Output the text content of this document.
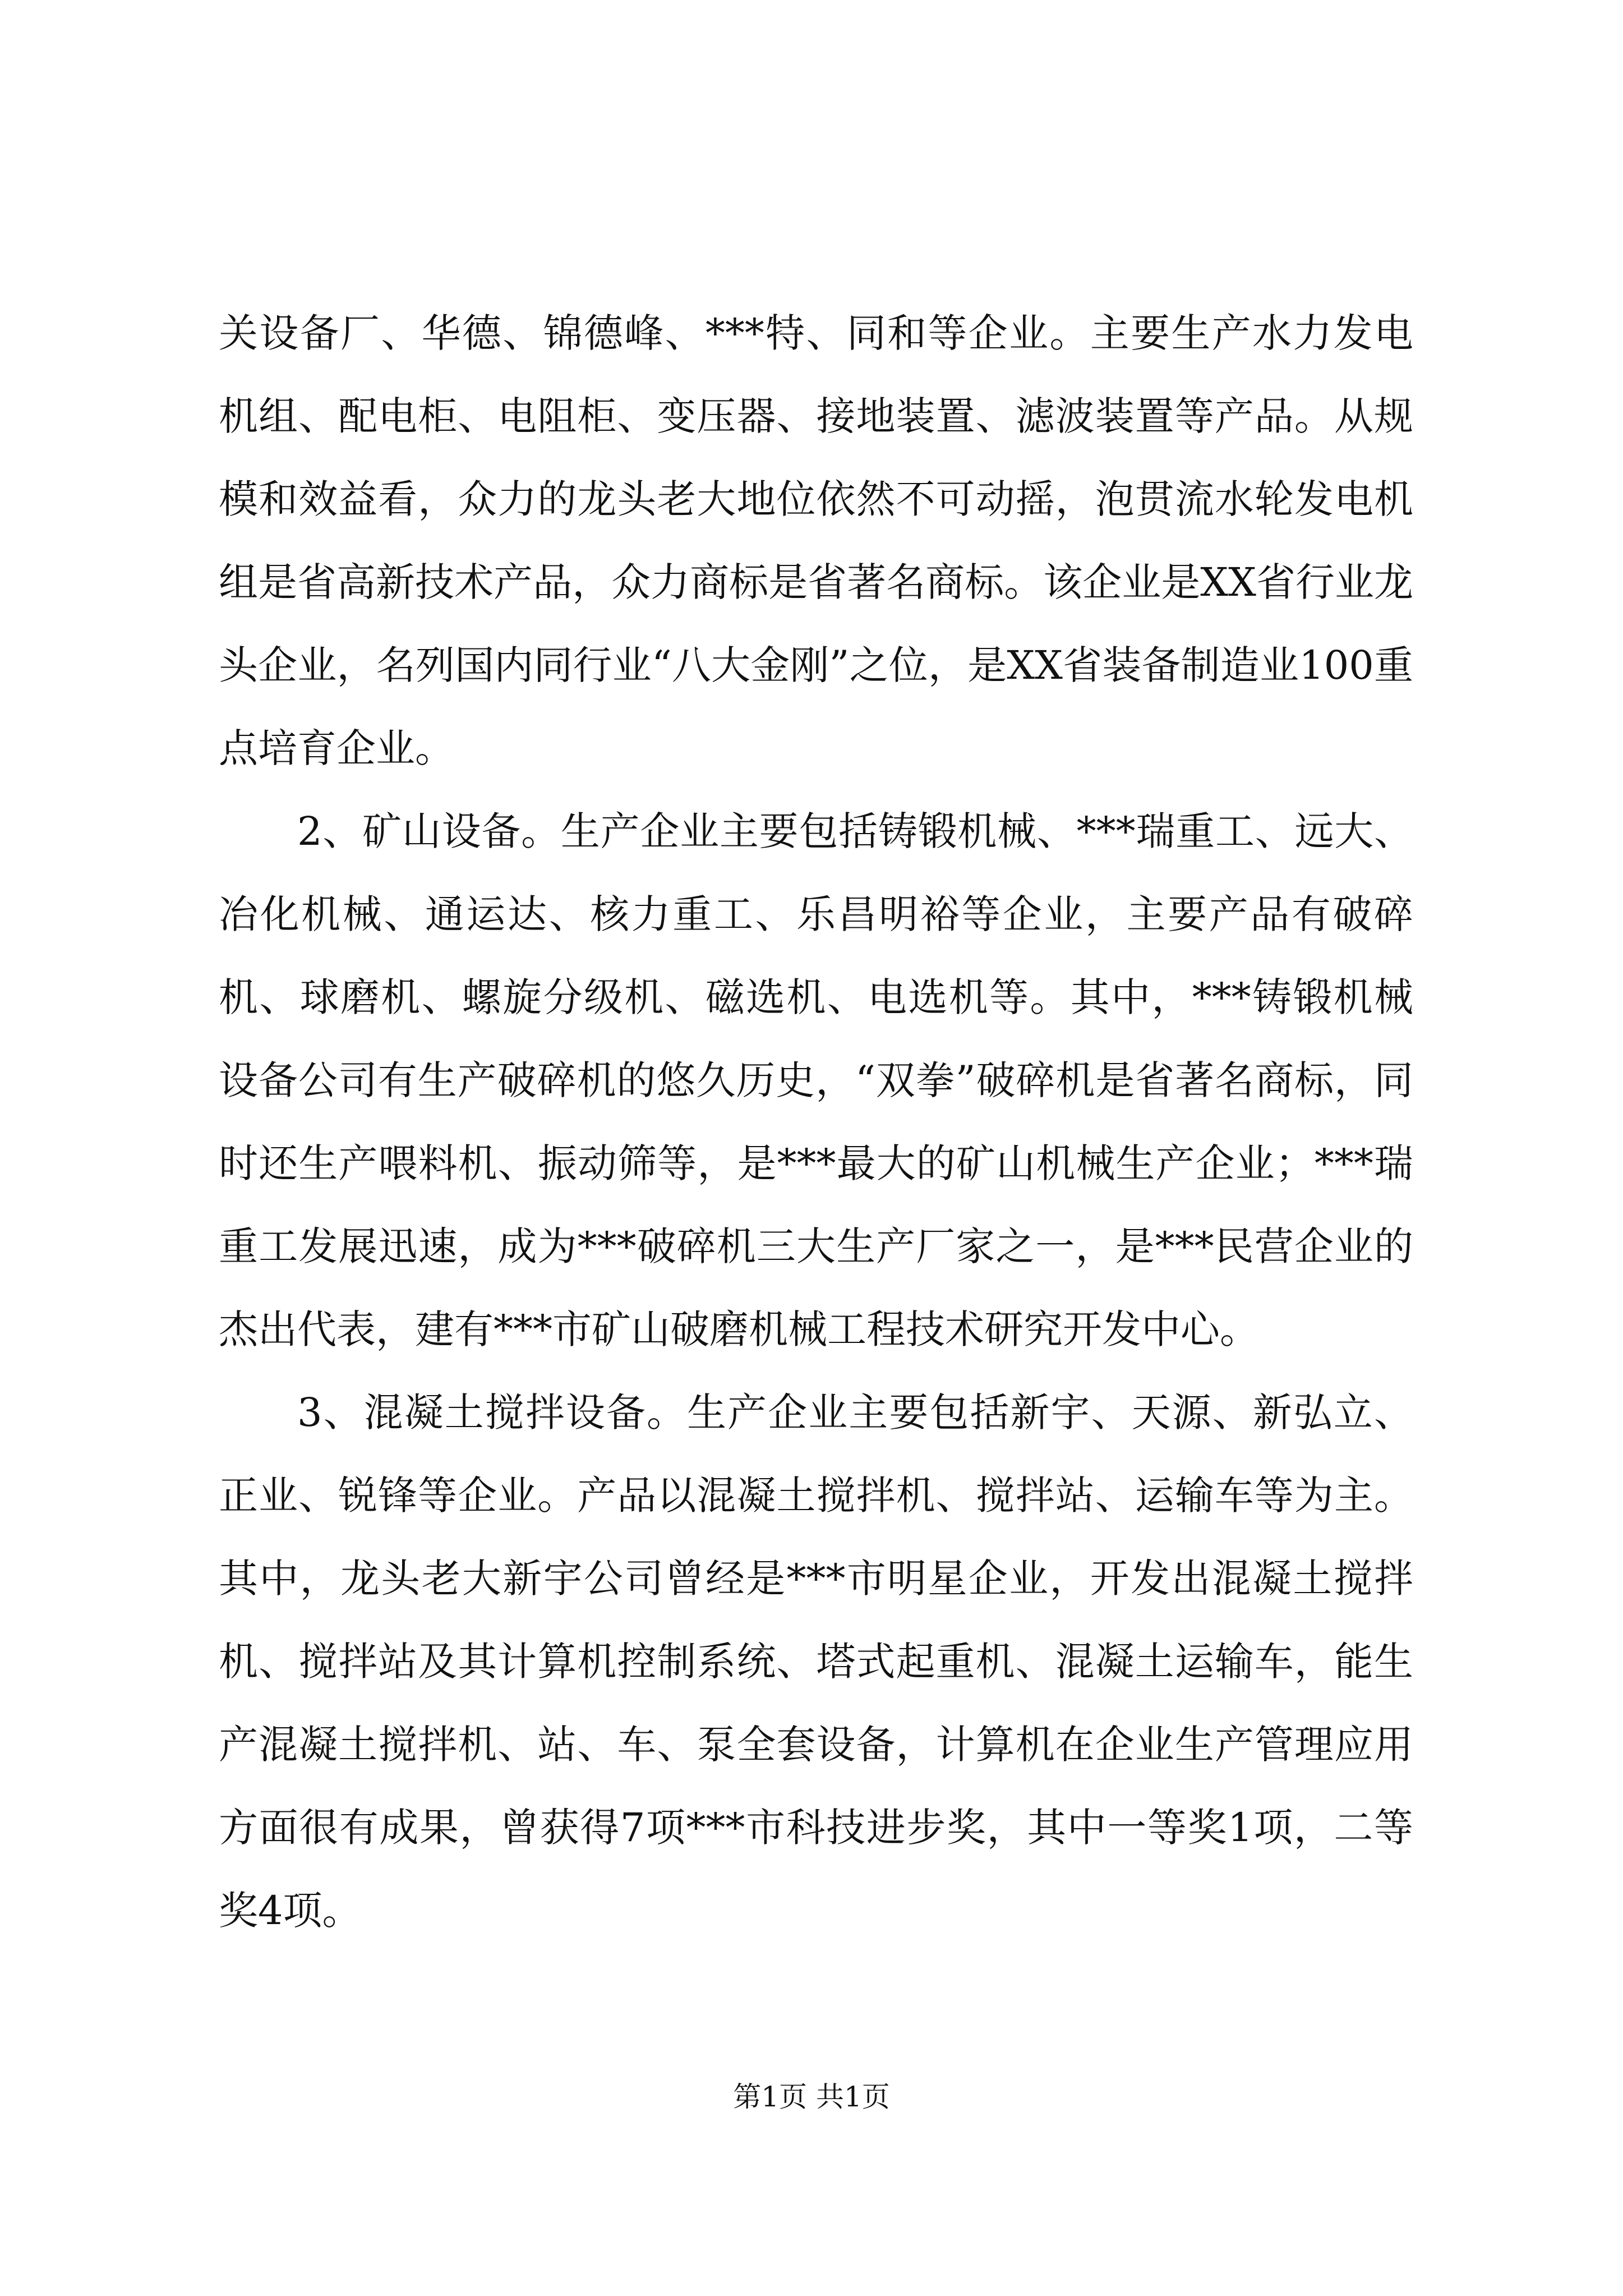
关设备厂、华德、锦德峰、***特、同和等企业。主要生产水力发电机组、配电柜、电阻柜、变压器、接地装置、滤波装置等产品。从规模和效益看，众力的龙头老大地位依然不可动摇，泡贯流水轮发电机组是省高新技术产品，众力商标是省著名商标。该企业是XX省行业龙头企业，名列国内同行业“八大金刚”之位，是XX省装备制造业100重点培育企业。

2、矿山设备。生产企业主要包括铸锻机械、***瑞重工、远大、冶化机械、通运达、核力重工、乐昌明裕等企业，主要产品有破碎机、球磨机、螺旋分级机、磁选机、电选机等。其中，***铸锻机械设备公司有生产破碎机的悠久历史，“双拳”破碎机是省著名商标，同时还生产喂料机、振动筛等，是***最大的矿山机械生产企业；***瑞重工发展迅速，成为***破碎机三大生产厂家之一，是***民营企业的杰出代表，建有***市矿山破磨机械工程技术研究开发中心。

3、混凝土搅拌设备。生产企业主要包括新宇、天源、新弘立、正业、锐锋等企业。产品以混凝土搅拌机、搅拌站、运输车等为主。其中，龙头老大新宇公司曾经是***市明星企业，开发出混凝土搅拌机、搅拌站及其计算机控制系统、塔式起重机、混凝土运输车，能生产混凝土搅拌机、站、车、泵全套设备，计算机在企业生产管理应用方面很有成果，曾获得7项***市科技进步奖，其中一等奖1项，二等奖4项。

第1页 共1页
